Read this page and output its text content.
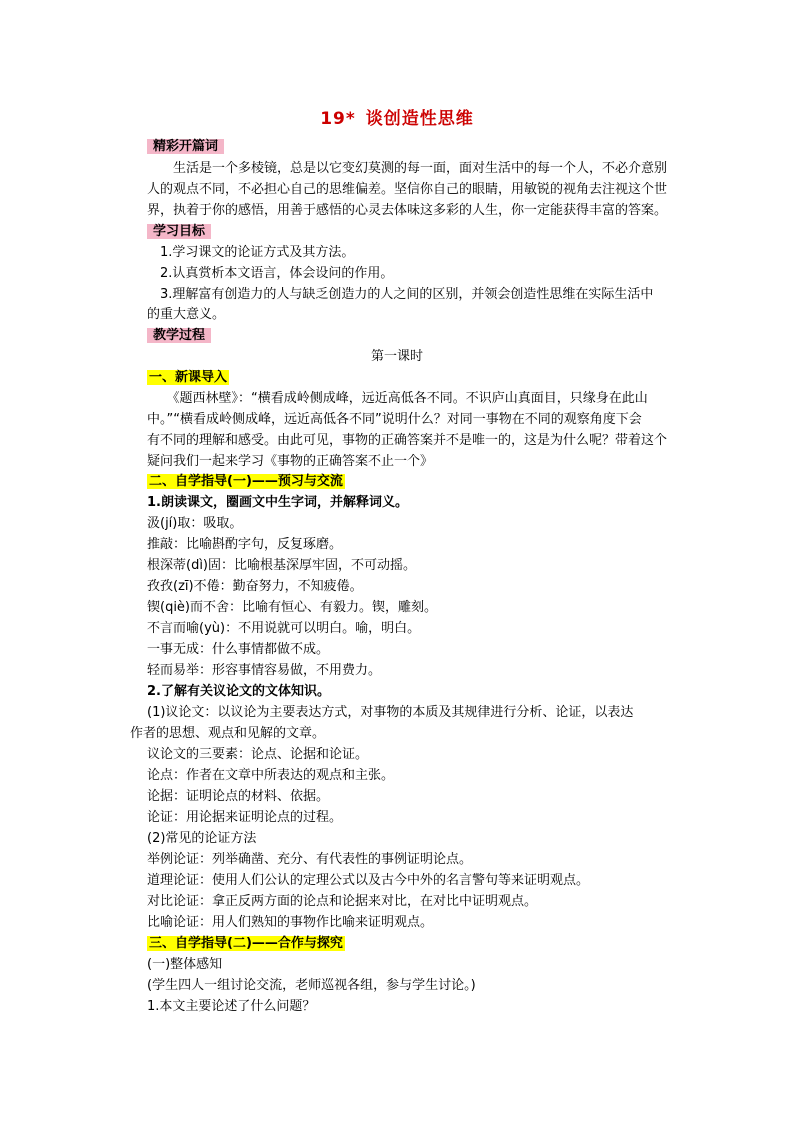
19* 谈创造性思维
精彩开篇词
　　生活是一个多棱镜，总是以它变幻莫测的每一面，面对生活中的每一个人，不必介意别
人的观点不同，不必担心自己的思维偏差。坚信你自己的眼睛，用敏锐的视角去注视这个世
界，执着于你的感悟，用善于感悟的心灵去体味这多彩的人生，你一定能获得丰富的答案。
学习目标
　1.学习课文的论证方式及其方法。
　2.认真赏析本文语言，体会设问的作用。
　3.理解富有创造力的人与缺乏创造力的人之间的区别，并领会创造性思维在实际生活中
的重大意义。
教学过程
第一课时
一、新课导入
　　《题西林壁》：“横看成岭侧成峰，远近高低各不同。不识庐山真面目，只缘身在此山
中。”“横看成岭侧成峰，远近高低各不同”说明什么？对同一事物在不同的观察角度下会
有不同的理解和感受。由此可见，事物的正确答案并不是唯一的，这是为什么呢？带着这个
疑问我们一起来学习《事物的正确答案不止一个》
二、自学指导(一)——预习与交流
1.朗读课文，圈画文中生字词，并解释词义。
汲(jí)取：吸取。
推敲：比喻斟酌字句，反复琢磨。
根深蒂(dì)固：比喻根基深厚牢固，不可动摇。
孜孜(zī)不倦：勤奋努力，不知疲倦。
锲(qiè)而不舍：比喻有恒心、有毅力。锲，雕刻。
不言而喻(yù)：不用说就可以明白。喻，明白。
一事无成：什么事情都做不成。
轻而易举：形容事情容易做，不用费力。
2.了解有关议论文的文体知识。
(1)议论文：以议论为主要表达方式，对事物的本质及其规律进行分析、论证，以表达
作者的思想、观点和见解的文章。
议论文的三要素：论点、论据和论证。
论点：作者在文章中所表达的观点和主张。
论据：证明论点的材料、依据。
论证：用论据来证明论点的过程。
(2)常见的论证方法
举例论证：列举确凿、充分、有代表性的事例证明论点。
道理论证：使用人们公认的定理公式以及古今中外的名言警句等来证明观点。
对比论证：拿正反两方面的论点和论据来对比，在对比中证明观点。
比喻论证：用人们熟知的事物作比喻来证明观点。
三、自学指导(二)——合作与探究
(一)整体感知
(学生四人一组讨论交流，老师巡视各组，参与学生讨论。)
1.本文主要论述了什么问题？
